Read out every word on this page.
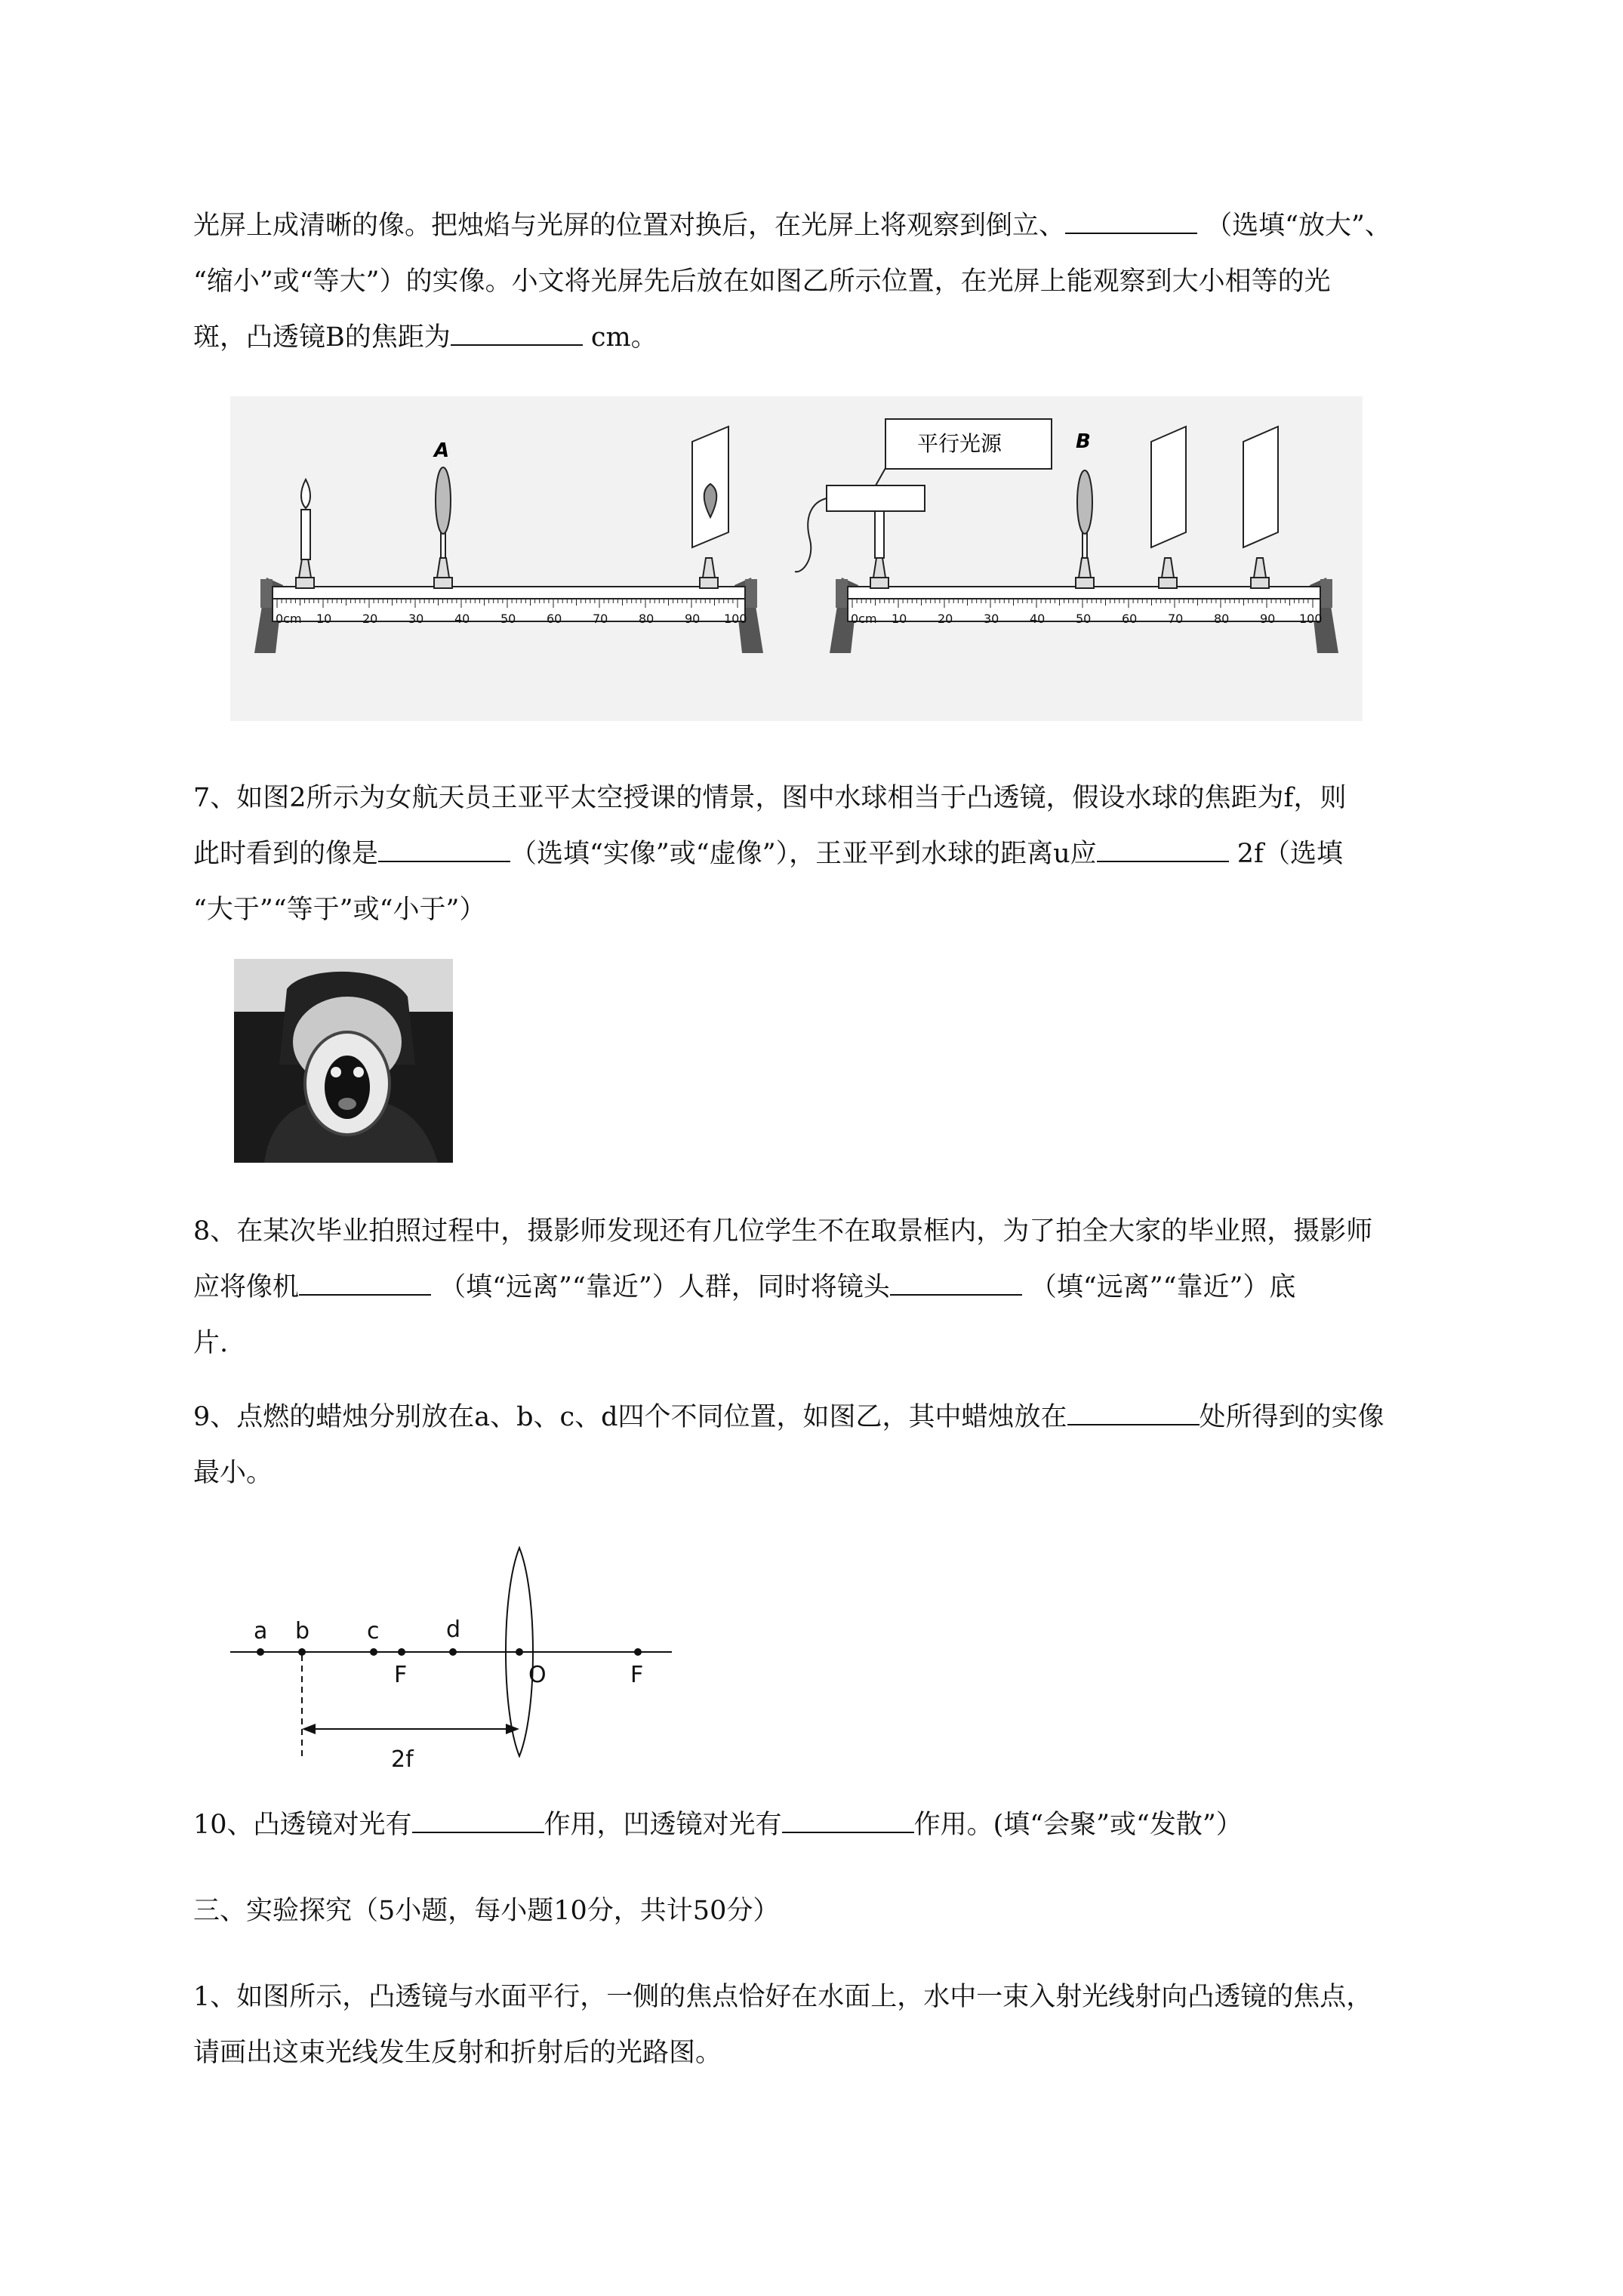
光屏上成清晰的像。把烛焰与光屏的位置对换后，在光屏上将观察到倒立、	（选填“放大”、
“缩小”或“等大”）的实像。小文将光屏先后放在如图乙所示位置，在光屏上能观察到大小相等的光
斑，凸透镜B的焦距为	cm。
0cm 10	20	30	40	50	60	70	80	90 100
A
0cm 10	20	30	40	50	60	70	80	90 100
平行光源	B
7、如图2所示为女航天员王亚平太空授课的情景，图中水球相当于凸透镜，假设水球的焦距为f，则
此时看到的像是	（选填“实像”或“虚像”），王亚平到水球的距离u应	2f（选填
“大于”“等于”或“小于”）
8、在某次毕业拍照过程中，摄影师发现还有几位学生不在取景框内，为了拍全大家的毕业照，摄影师
应将像机	（填“远离”“靠近”）人群，同时将镜头	（填“远离”“靠近”）底
片.
9、点燃的蜡烛分别放在a、b、c、d四个不同位置，如图乙，其中蜡烛放在	处所得到的实像
最小。
a b	c	d
F	O	F
2f
10、凸透镜对光有	作用，凹透镜对光有	作用。(填“会聚”或“发散”）
三、实验探究（5小题，每小题10分，共计50分）
1、如图所示，凸透镜与水面平行，一侧的焦点恰好在水面上，水中一束入射光线射向凸透镜的焦点，
请画出这束光线发生反射和折射后的光路图。
